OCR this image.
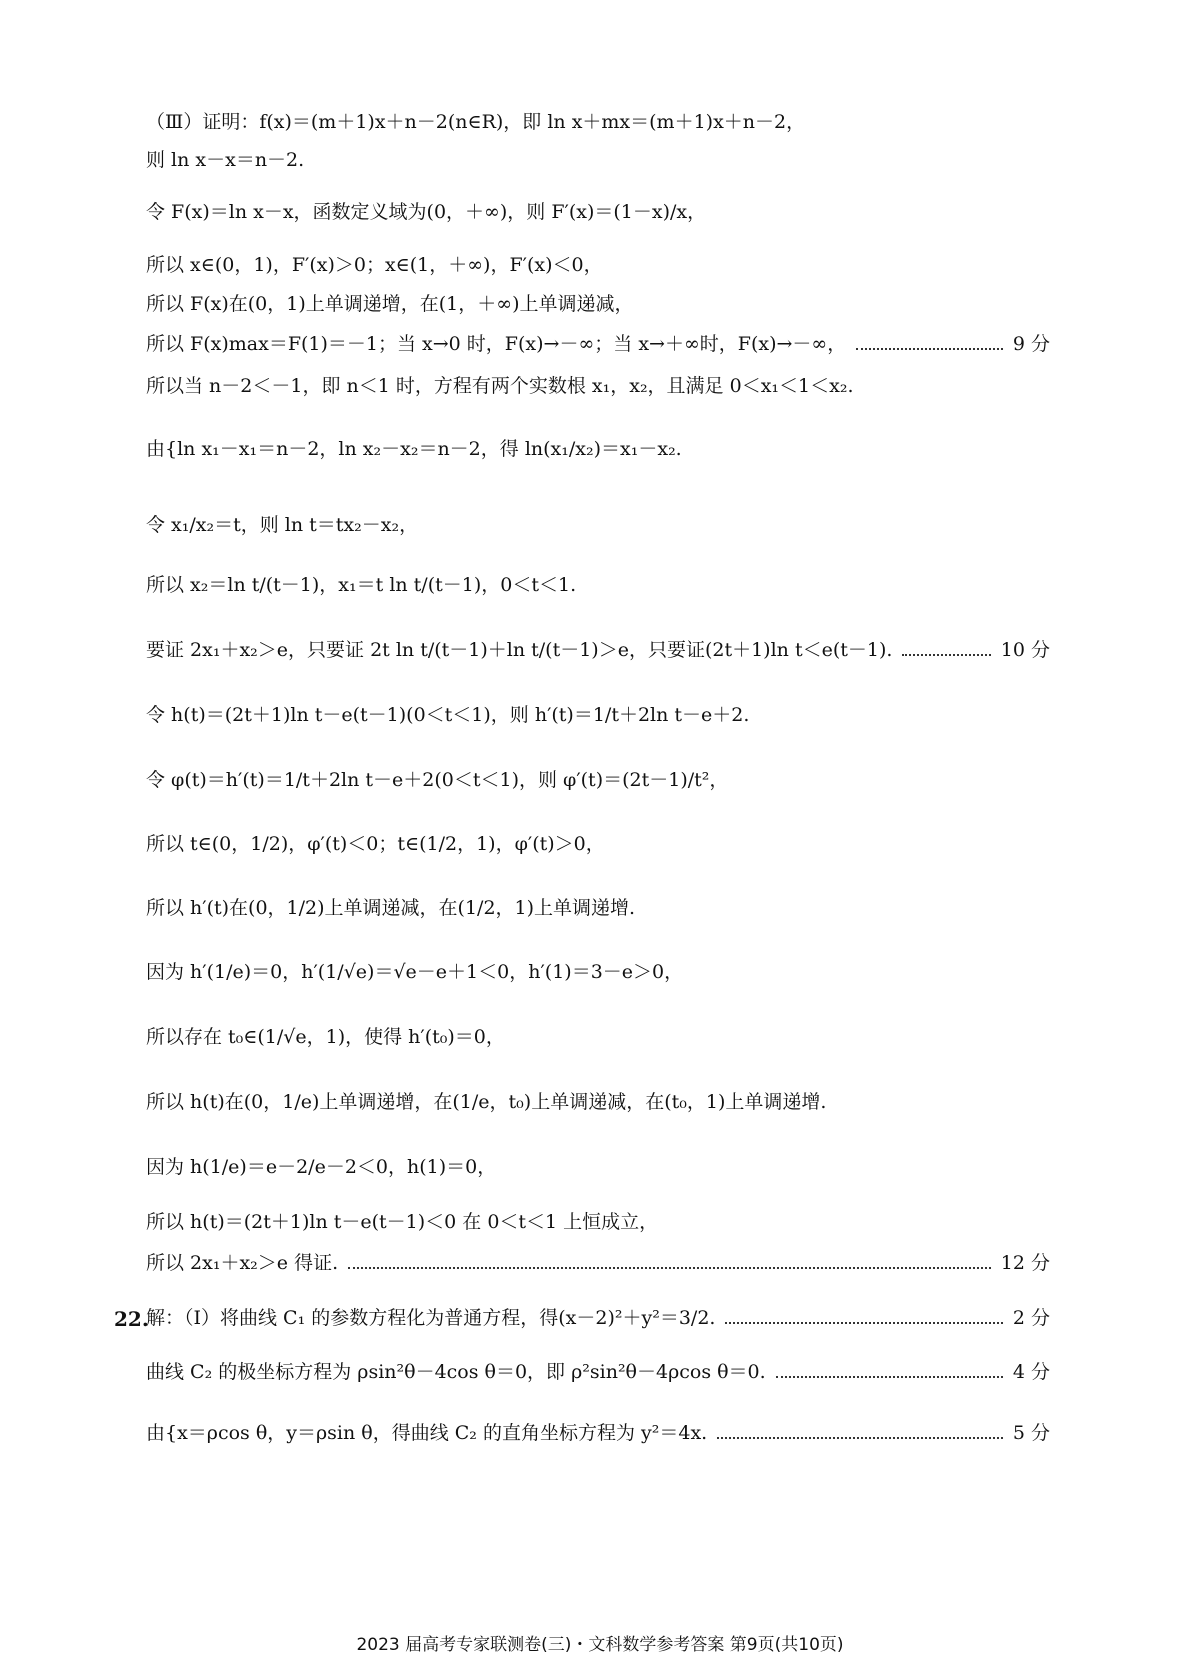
（Ⅲ）证明：f(x)＝(m＋1)x＋n－2(n∈R)，即 ln x＋mx＝(m＋1)x＋n－2，
则 ln x－x＝n－2.
令 F(x)＝ln x－x，函数定义域为(0，＋∞)，则 F′(x)＝(1－x)/x，
所以 x∈(0，1)，F′(x)＞0；x∈(1，＋∞)，F′(x)＜0，
所以 F(x)在(0，1)上单调递增，在(1，＋∞)上单调递减，
所以 F(x)max＝F(1)＝－1；当 x→0 时，F(x)→－∞；当 x→＋∞时，F(x)→－∞，	9 分
所以当 n－2＜－1，即 n＜1 时，方程有两个实数根 x₁，x₂，且满足 0＜x₁＜1＜x₂.
由{ln x₁－x₁＝n－2，ln x₂－x₂＝n－2，得 ln(x₁/x₂)＝x₁－x₂.
令 x₁/x₂＝t，则 ln t＝tx₂－x₂，
所以 x₂＝ln t/(t－1)，x₁＝t ln t/(t－1)，0＜t＜1.
要证 2x₁＋x₂＞e，只要证 2t ln t/(t－1)＋ln t/(t－1)＞e，只要证(2t＋1)ln t＜e(t－1).	10 分
令 h(t)＝(2t＋1)ln t－e(t－1)(0＜t＜1)，则 h′(t)＝1/t＋2ln t－e＋2.
令 φ(t)＝h′(t)＝1/t＋2ln t－e＋2(0＜t＜1)，则 φ′(t)＝(2t－1)/t²，
所以 t∈(0，1/2)，φ′(t)＜0；t∈(1/2，1)，φ′(t)＞0，
所以 h′(t)在(0，1/2)上单调递减，在(1/2，1)上单调递增.
因为 h′(1/e)＝0，h′(1/√e)＝√e－e＋1＜0，h′(1)＝3－e＞0，
所以存在 t₀∈(1/√e，1)，使得 h′(t₀)＝0，
所以 h(t)在(0，1/e)上单调递增，在(1/e，t₀)上单调递减，在(t₀，1)上单调递增.
因为 h(1/e)＝e－2/e－2＜0，h(1)＝0，
所以 h(t)＝(2t＋1)ln t－e(t－1)＜0 在 0＜t＜1 上恒成立，
所以 2x₁＋x₂＞e 得证.	12 分
22.
解：（Ⅰ）将曲线 C₁ 的参数方程化为普通方程，得(x－2)²＋y²＝3/2.	2 分
曲线 C₂ 的极坐标方程为 ρsin²θ－4cos θ＝0，即 ρ²sin²θ－4ρcos θ＝0.	4 分
由{x＝ρcos θ，y＝ρsin θ，得曲线 C₂ 的直角坐标方程为 y²＝4x.	5 分
2023 届高考专家联测卷(三)・文科数学参考答案 第9页(共10页)
